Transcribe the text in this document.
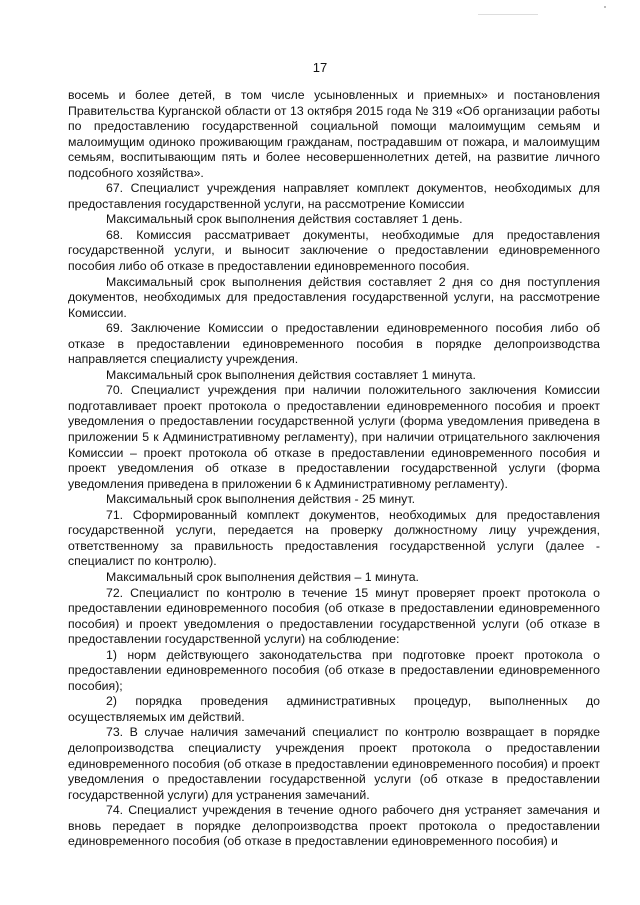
17

восемь и более детей, в том числе усыновленных и приемных» и постановления Правительства Курганской области от 13 октября 2015 года № 319 «Об организации работы по предоставлению государственной социальной помощи малоимущим семьям и малоимущим одиноко проживающим гражданам, пострадавшим от пожара, и малоимущим семьям, воспитывающим пять и более несовершеннолетних детей, на развитие личного подсобного хозяйства».

67. Специалист учреждения направляет комплект документов, необходимых для предоставления государственной услуги, на рассмотрение Комиссии

Максимальный срок выполнения действия составляет 1 день.

68. Комиссия рассматривает документы, необходимые для предоставления государственной услуги, и выносит заключение о предоставлении единовременного пособия либо об отказе в предоставлении единовременного пособия.

Максимальный срок выполнения действия составляет 2 дня со дня поступления документов, необходимых для предоставления государственной услуги, на рассмотрение Комиссии.

69. Заключение Комиссии о предоставлении единовременного пособия либо об отказе в предоставлении единовременного пособия в порядке делопроизводства направляется специалисту учреждения.

Максимальный срок выполнения действия составляет 1 минута.

70. Специалист учреждения при наличии положительного заключения Комиссии подготавливает проект протокола о предоставлении единовременного пособия и проект уведомления о предоставлении государственной услуги (форма уведомления приведена в приложении 5 к Административному регламенту), при наличии отрицательного заключения Комиссии – проект протокола об отказе в предоставлении единовременного пособия и проект уведомления об отказе в предоставлении государственной услуги (форма уведомления приведена в приложении 6 к Административному регламенту).

Максимальный срок выполнения действия - 25 минут.

71. Сформированный комплект документов, необходимых для предоставления государственной услуги, передается на проверку должностному лицу учреждения, ответственному за правильность предоставления государственной услуги (далее - специалист по контролю).

Максимальный срок выполнения действия – 1 минута.

72. Специалист по контролю в течение 15 минут проверяет проект протокола о предоставлении единовременного пособия (об отказе в предоставлении единовременного пособия) и проект уведомления о предоставлении государственной услуги (об отказе в предоставлении государственной услуги) на соблюдение:

1) норм действующего законодательства при подготовке проект протокола о предоставлении единовременного пособия (об отказе в предоставлении единовременного пособия);

2) порядка проведения административных процедур, выполненных до осуществляемых им действий.

73. В случае наличия замечаний специалист по контролю возвращает в порядке делопроизводства специалисту учреждения проект протокола о предоставлении единовременного пособия (об отказе в предоставлении единовременного пособия) и проект уведомления о предоставлении государственной услуги (об отказе в предоставлении государственной услуги) для устранения замечаний.

74. Специалист учреждения в течение одного рабочего дня устраняет замечания и вновь передает в порядке делопроизводства проект протокола о предоставлении единовременного пособия (об отказе в предоставлении единовременного пособия) и
